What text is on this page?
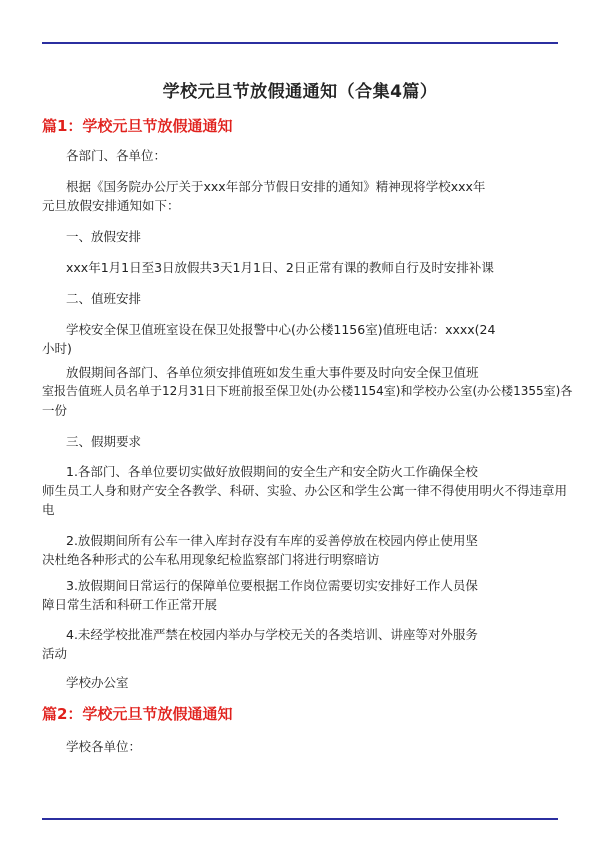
学校元旦节放假通通知（合集4篇）
篇1：学校元旦节放假通通知
各部门、各单位：
根据《国务院办公厅关于xxx年部分节假日安排的通知》精神现将学校xxx年
元旦放假安排通知如下：
一、放假安排
xxx年1月1日至3日放假共3天1月1日、2日正常有课的教师自行及时安排补课
二、值班安排
学校安全保卫值班室设在保卫处报警中心(办公楼1156室)值班电话：xxxx(24
小时)
放假期间各部门、各单位须安排值班如发生重大事件要及时向安全保卫值班
室报告值班人员名单于12月31日下班前报至保卫处(办公楼1154室)和学校办公室(办公楼1355室)各
一份
三、假期要求
1.各部门、各单位要切实做好放假期间的安全生产和安全防火工作确保全校
师生员工人身和财产安全各教学、科研、实验、办公区和学生公寓一律不得使用明火不得违章用
电
2.放假期间所有公车一律入库封存没有车库的妥善停放在校园内停止使用坚
决杜绝各种形式的公车私用现象纪检监察部门将进行明察暗访
3.放假期间日常运行的保障单位要根据工作岗位需要切实安排好工作人员保
障日常生活和科研工作正常开展
4.未经学校批准严禁在校园内举办与学校无关的各类培训、讲座等对外服务
活动
学校办公室
篇2：学校元旦节放假通通知
学校各单位：
